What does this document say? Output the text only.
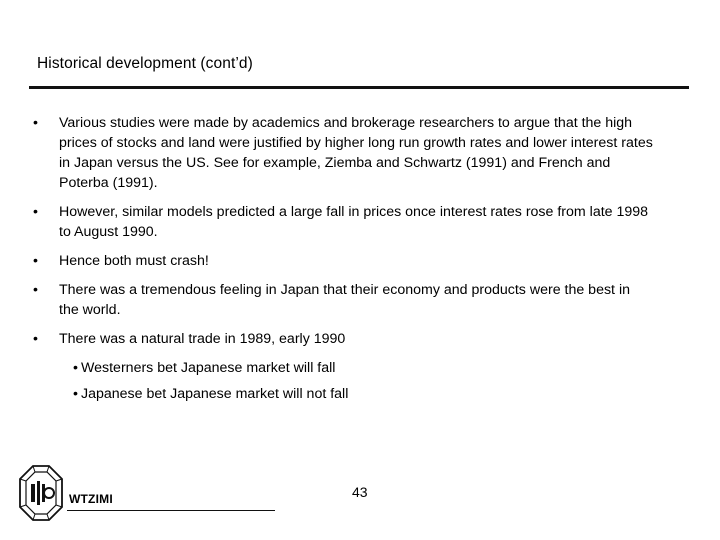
Historical development (cont’d)
• Various studies were made by academics and brokerage researchers to argue that the high prices of stocks and land were justified by higher long run growth rates and lower interest rates in Japan versus the US. See for example, Ziemba and Schwartz (1991) and French and Poterba (1991).
• However, similar models predicted a large fall in prices once interest rates rose from late 1998 to August 1990.
• Hence both must crash!
• There was a tremendous feeling in Japan that their economy and products were the best in the world.
• There was a natural trade in 1989, early 1990
• Westerners bet Japanese market will fall
• Japanese bet Japanese market will not fall
WTZIMI	43
